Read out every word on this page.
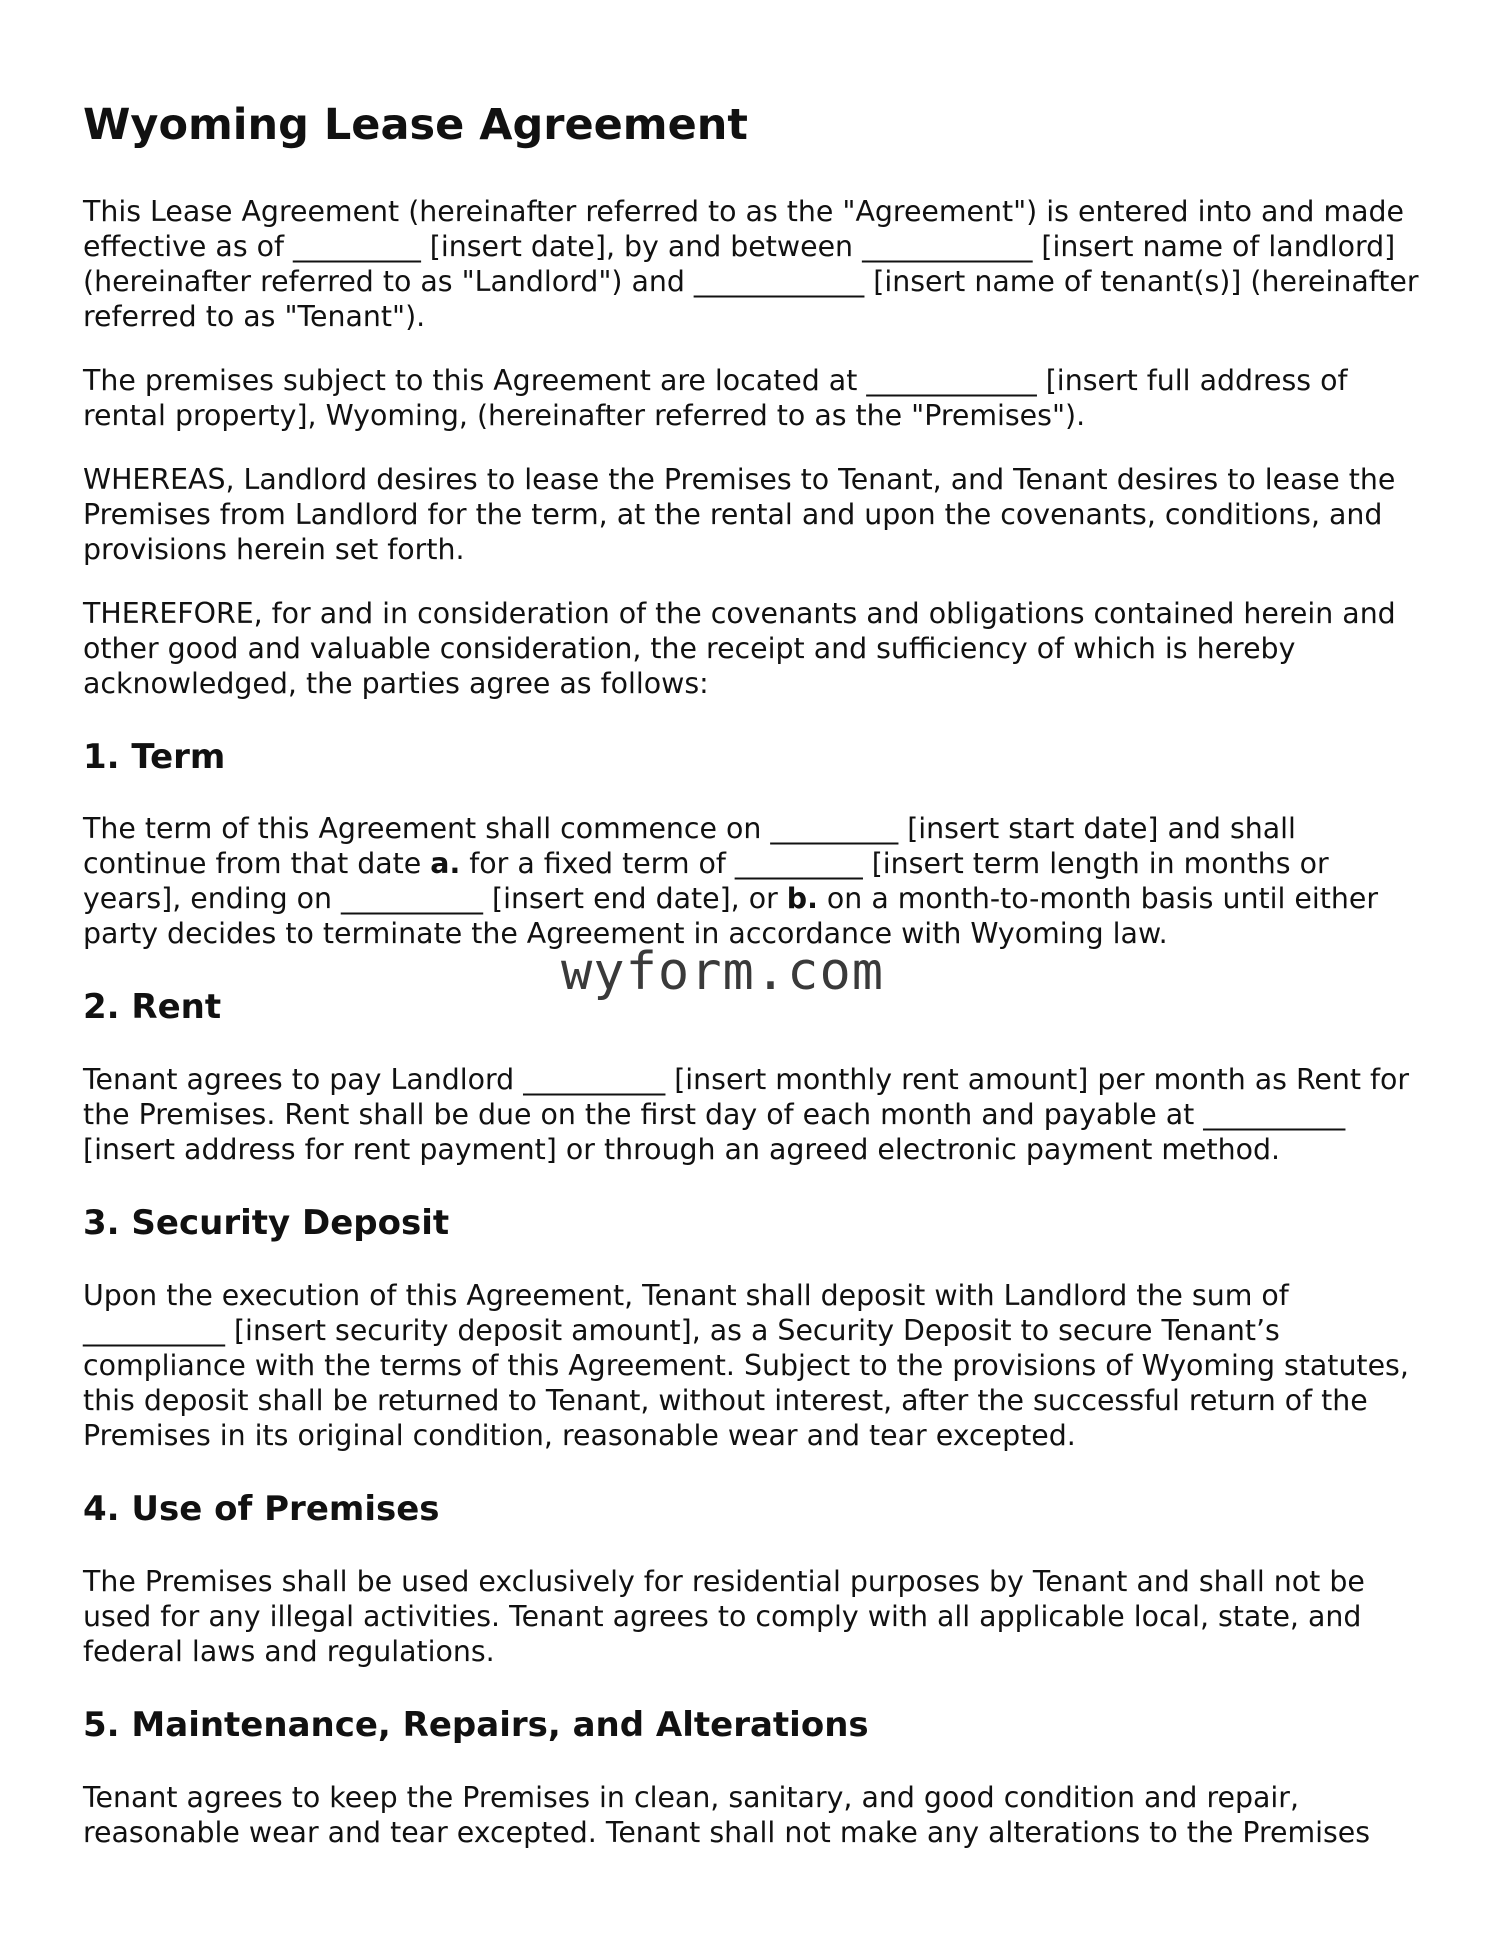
Wyoming Lease Agreement

This Lease Agreement (hereinafter referred to as the "Agreement") is entered into and made effective as of _________ [insert date], by and between ____________ [insert name of landlord] (hereinafter referred to as "Landlord") and ____________ [insert name of tenant(s)] (hereinafter referred to as "Tenant").

The premises subject to this Agreement are located at ____________ [insert full address of rental property], Wyoming, (hereinafter referred to as the "Premises").

WHEREAS, Landlord desires to lease the Premises to Tenant, and Tenant desires to lease the Premises from Landlord for the term, at the rental and upon the covenants, conditions, and provisions herein set forth.

THEREFORE, for and in consideration of the covenants and obligations contained herein and other good and valuable consideration, the receipt and sufficiency of which is hereby acknowledged, the parties agree as follows:

1. Term

The term of this Agreement shall commence on _________ [insert start date] and shall continue from that date a. for a fixed term of _________ [insert term length in months or years], ending on __________ [insert end date], or b. on a month-to-month basis until either party decides to terminate the Agreement in accordance with Wyoming law.

2. Rent

Tenant agrees to pay Landlord __________ [insert monthly rent amount] per month as Rent for the Premises. Rent shall be due on the first day of each month and payable at __________ [insert address for rent payment] or through an agreed electronic payment method.

3. Security Deposit

Upon the execution of this Agreement, Tenant shall deposit with Landlord the sum of __________ [insert security deposit amount], as a Security Deposit to secure Tenant’s compliance with the terms of this Agreement. Subject to the provisions of Wyoming statutes, this deposit shall be returned to Tenant, without interest, after the successful return of the Premises in its original condition, reasonable wear and tear excepted.

4. Use of Premises

The Premises shall be used exclusively for residential purposes by Tenant and shall not be used for any illegal activities. Tenant agrees to comply with all applicable local, state, and federal laws and regulations.

5. Maintenance, Repairs, and Alterations

Tenant agrees to keep the Premises in clean, sanitary, and good condition and repair, reasonable wear and tear excepted. Tenant shall not make any alterations to the Premises

wyform.com
